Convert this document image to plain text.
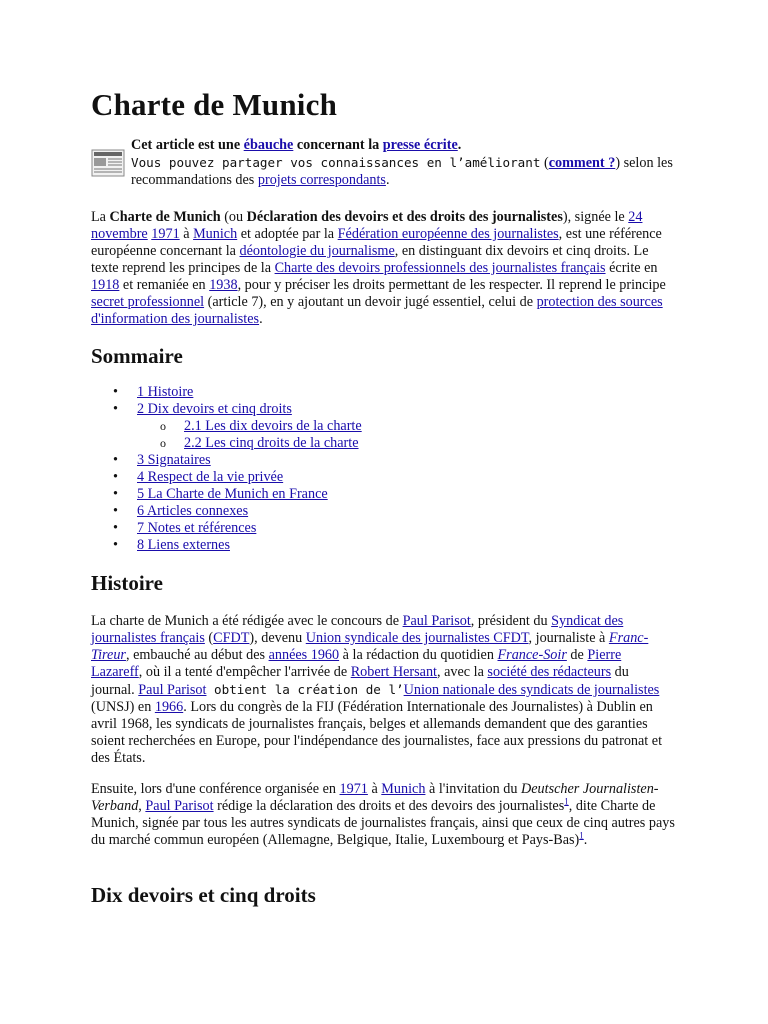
Charte de Munich
Cet article est une ébauche concernant la presse écrite.
Vous pouvez partager vos connaissances en l’améliorant (comment ?) selon les
recommandations des projets correspondants.

La Charte de Munich (ou Déclaration des devoirs et des droits des journalistes), signée le 24 novembre 1971 à Munich et adoptée par la Fédération européenne des journalistes, est une référence européenne concernant la déontologie du journalisme, en distinguant dix devoirs et cinq droits. Le texte reprend les principes de la Charte des devoirs professionnels des journalistes français écrite en 1918 et remaniée en 1938, pour y préciser les droits permettant de les respecter. Il reprend le principe secret professionnel (article 7), en y ajoutant un devoir jugé essentiel, celui de protection des sources d'information des journalistes.

Sommaire
• 1 Histoire
• 2 Dix devoirs et cinq droits
o 2.1 Les dix devoirs de la charte
o 2.2 Les cinq droits de la charte
• 3 Signataires
• 4 Respect de la vie privée
• 5 La Charte de Munich en France
• 6 Articles connexes
• 7 Notes et références
• 8 Liens externes
Histoire

La charte de Munich a été rédigée avec le concours de Paul Parisot, président du Syndicat des journalistes français (CFDT), devenu Union syndicale des journalistes CFDT, journaliste à Franc-Tireur, embauché au début des années 1960 à la rédaction du quotidien France-Soir de Pierre Lazareff, où il a tenté d'empêcher l'arrivée de Robert Hersant, avec la société des rédacteurs du journal. Paul Parisot obtient la création de l’Union nationale des syndicats de journalistes (UNSJ) en 1966. Lors du congrès de la FIJ (Fédération Internationale des Journalistes) à Dublin en avril 1968, les syndicats de journalistes français, belges et allemands demandent que des garanties soient recherchées en Europe, pour l'indépendance des journalistes, face aux pressions du patronat et des États.

Ensuite, lors d'une conférence organisée en 1971 à Munich à l'invitation du Deutscher Journalisten-Verband, Paul Parisot rédige la déclaration des droits et des devoirs des journalistes$^1$, dite Charte de Munich, signée par tous les autres syndicats de journalistes français, ainsi que ceux de cinq autres pays du marché commun européen (Allemagne, Belgique, Italie, Luxembourg et Pays-Bas)$^1$.

Dix devoirs et cinq droits
